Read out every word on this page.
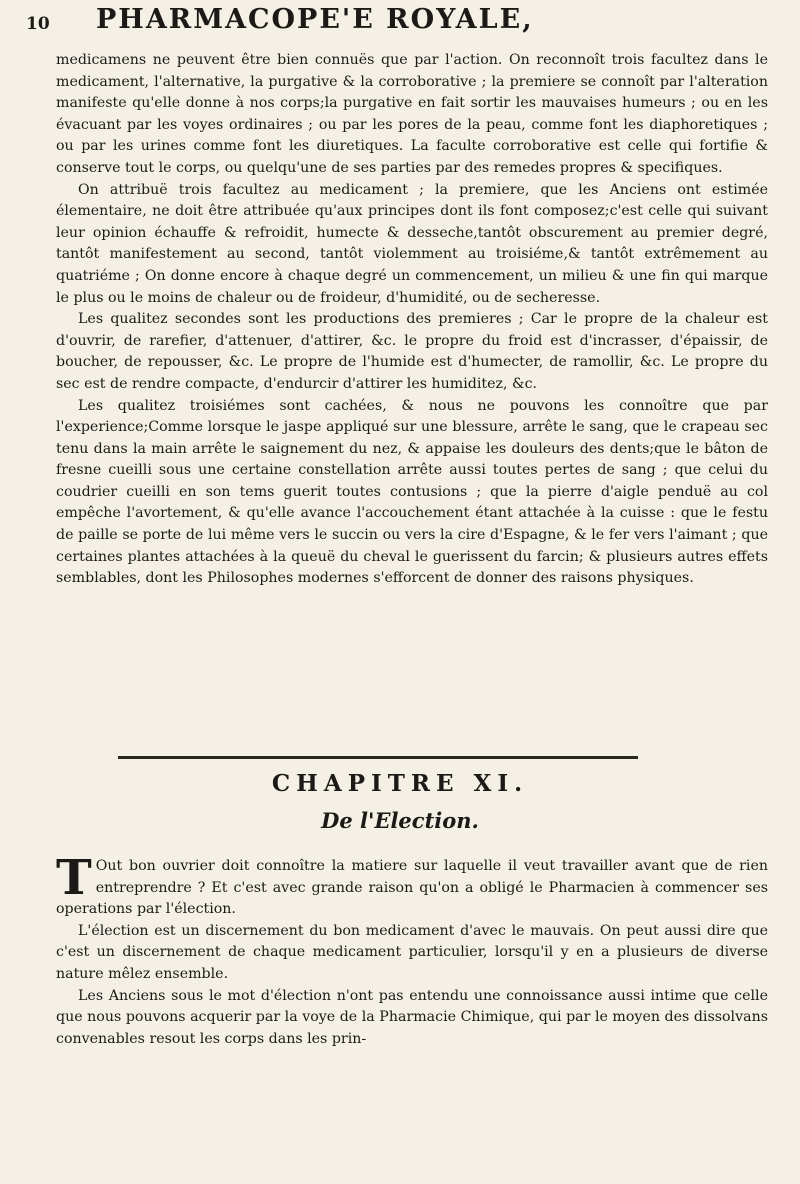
10 PHARMACOPE'E ROYALE,

medicamens ne peuvent être bien connuës que par l'action. On reconnoît trois facultez dans le medicament, l'alternative, la purgative & la corroborative ; la premiere se connoît par l'alteration manifeste qu'elle donne à nos corps;la purgative en fait sortir les mauvaises humeurs ; ou en les évacuant par les voyes ordinaires ; ou par les pores de la peau, comme font les diaphoretiques ; ou par les urines comme font les diuretiques. La faculte corroborative est celle qui fortifie & conserve tout le corps, ou quelqu'une de ses parties par des remedes propres & specifiques.

On attribuë trois facultez au medicament ; la premiere, que les Anciens ont estimée élementaire, ne doit être attribuée qu'aux principes dont ils font composez;c'est celle qui suivant leur opinion échauffe & refroidit, humecte & desseche,tantôt obscurement au premier degré, tantôt manifestement au second, tantôt violemment au troisiéme,& tantôt extrêmement au quatriéme ; On donne encore à chaque degré un commencement, un milieu & une fin qui marque le plus ou le moins de chaleur ou de froideur, d'humidité, ou de secheresse.

Les qualitez secondes sont les productions des premieres ; Car le propre de la chaleur est d'ouvrir, de rarefier, d'attenuer, d'attirer, &c. le propre du froid est d'incrasser, d'épaissir, de boucher, de repousser, &c. Le propre de l'humide est d'humecter, de ramollir, &c. Le propre du sec est de rendre compacte, d'endurcir d'attirer les humiditez, &c.

Les qualitez troisiémes sont cachées, & nous ne pouvons les connoître que par l'experience;Comme lorsque le jaspe appliqué sur une blessure, arrête le sang, que le crapeau sec tenu dans la main arrête le saignement du nez, & appaise les douleurs des dents;que le bâton de fresne cueilli sous une certaine constellation arrête aussi toutes pertes de sang ; que celui du coudrier cueilli en son tems guerit toutes contusions ; que la pierre d'aigle penduë au col empêche l'avortement, & qu'elle avance l'accouchement étant attachée à la cuisse : que le festu de paille se porte de lui même vers le succin ou vers la cire d'Espagne, & le fer vers l'aimant ; que certaines plantes attachées à la queuë du cheval le guerissent du farcin; & plusieurs autres effets semblables, dont les Philosophes modernes s'efforcent de donner des raisons physiques.

CHAPITRE XI.
De l'Election.

T Out bon ouvrier doit connoître la matiere sur laquelle il veut travailler avant que de rien entreprendre ? Et c'est avec grande raison qu'on a obligé le Pharmacien à commencer ses operations par l'élection.

L'élection est un discernement du bon medicament d'avec le mauvais. On peut aussi dire que c'est un discernement de chaque medicament particulier, lorsqu'il y en a plusieurs de diverse nature mêlez ensemble.

Les Anciens sous le mot d'élection n'ont pas entendu une connoissance aussi intime que celle que nous pouvons acquerir par la voye de la Pharmacie Chimique, qui par le moyen des dissolvans convenables resout les corps dans les prin-
